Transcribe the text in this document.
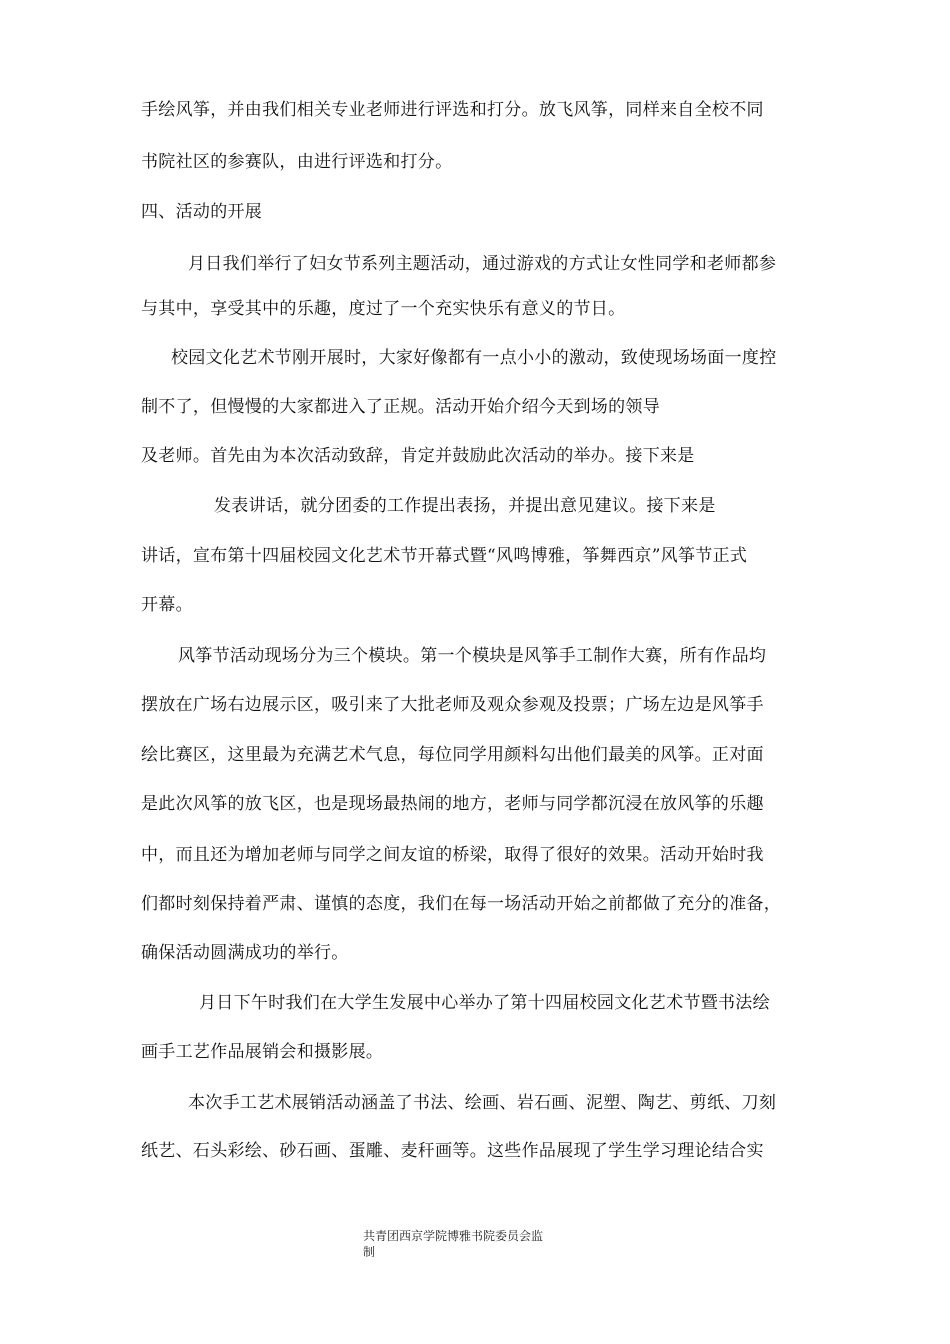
手绘风筝，并由我们相关专业老师进行评选和打分。放飞风筝，同样来自全校不同
书院社区的参赛队，由进行评选和打分。
四、活动的开展
月日我们举行了妇女节系列主题活动，通过游戏的方式让女性同学和老师都参
与其中，享受其中的乐趣，度过了一个充实快乐有意义的节日。
校园文化艺术节刚开展时，大家好像都有一点小小的激动，致使现场场面一度控
制不了，但慢慢的大家都进入了正规。活动开始介绍今天到场的领导
及老师。首先由为本次活动致辞，肯定并鼓励此次活动的举办。接下来是
发表讲话，就分团委的工作提出表扬，并提出意见建议。接下来是
讲话，宣布第十四届校园文化艺术节开幕式暨“风鸣博雅，筝舞西京”风筝节正式
开幕。
风筝节活动现场分为三个模块。第一个模块是风筝手工制作大赛，所有作品均
摆放在广场右边展示区，吸引来了大批老师及观众参观及投票；广场左边是风筝手
绘比赛区，这里最为充满艺术气息，每位同学用颜料勾出他们最美的风筝。正对面
是此次风筝的放飞区，也是现场最热闹的地方，老师与同学都沉浸在放风筝的乐趣
中，而且还为增加老师与同学之间友谊的桥梁，取得了很好的效果。活动开始时我
们都时刻保持着严肃、谨慎的态度，我们在每一场活动开始之前都做了充分的准备，
确保活动圆满成功的举行。
月日下午时我们在大学生发展中心举办了第十四届校园文化艺术节暨书法绘
画手工艺作品展销会和摄影展。
本次手工艺术展销活动涵盖了书法、绘画、岩石画、泥塑、陶艺、剪纸、刀刻
纸艺、石头彩绘、砂石画、蛋雕、麦秆画等。这些作品展现了学生学习理论结合实
共青团西京学院博雅书院委员会监
制
